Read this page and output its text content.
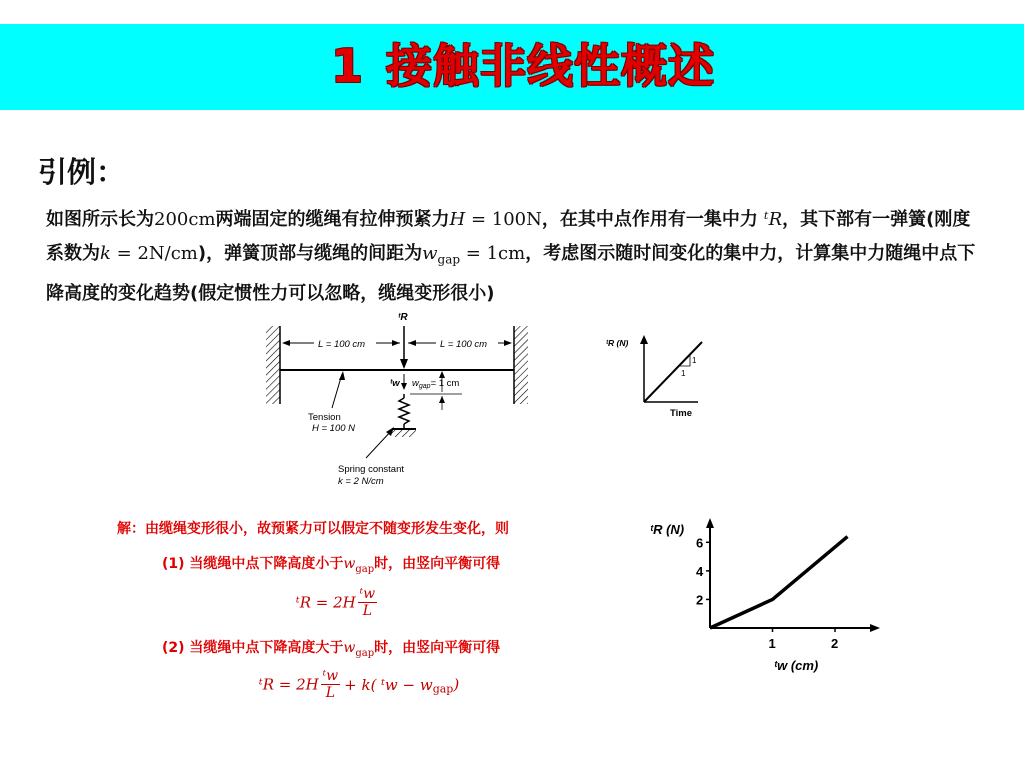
1 接触非线性概述
引例：
如图所示长为200cm两端固定的缆绳有拉伸预紧力H = 100N，在其中点作用有一集中力 ᵗR，其下部有一弹簧(刚度系数为k = 2N/cm)，弹簧顶部与缆绳的间距为$w_{gap} = 1cm$，考虑图示随时间变化的集中力，计算集中力随绳中点下降高度的变化趋势(假定惯性力可以忽略，缆绳变形很小)
L = 100 cm	L = 100 cm
ᵗR
ᵗw $w_{gap}= 1$ cm
Tension
H = 100 N
Spring constant
k = 2 N/cm
ᵗR (N)
1
1
Time
解：由缆绳变形很小，故预紧力可以假定不随变形发生变化，则
(1) 当缆绳中点下降高度小于$w_{gap}$时，由竖向平衡可得
ᵗR = $2H \frac{\text{ᵗw}}{L}$
(2) 当缆绳中点下降高度大于$w_{gap}$时，由竖向平衡可得
ᵗR = $2H \frac{\text{ᵗw}}{L} + k$( ᵗw − $w_{gap}$)
ᵗR (N)
ᵗw (cm)
2
4
6
1	2
